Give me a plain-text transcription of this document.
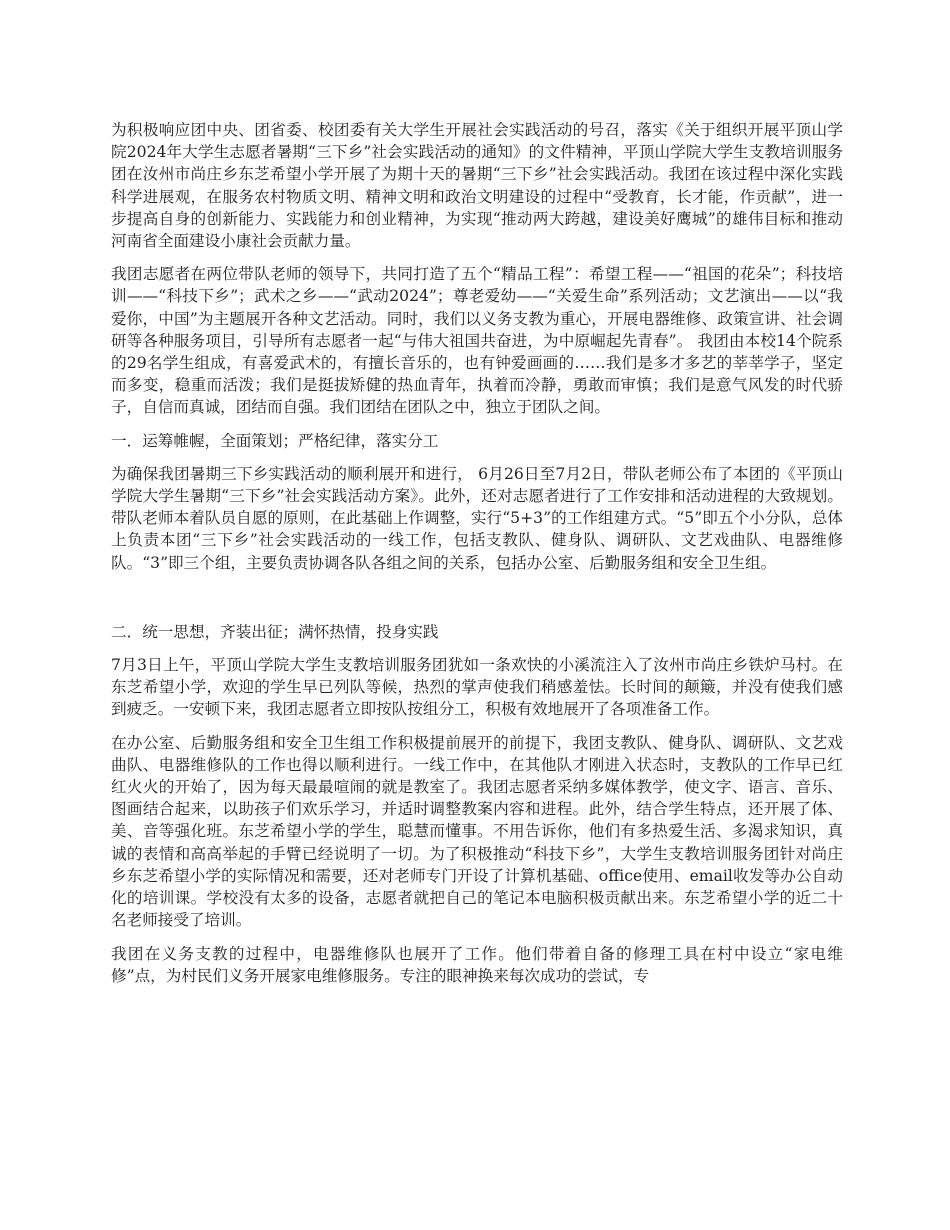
为积极响应团中央、团省委、校团委有关大学生开展社会实践活动的号召，落实《关于组织开展平顶山学院2024年大学生志愿者暑期“三下乡”社会实践活动的通知》的文件精神，平顶山学院大学生支教培训服务团在汝州市尚庄乡东芝希望小学开展了为期十天的暑期“三下乡”社会实践活动。我团在该过程中深化实践科学进展观，在服务农村物质文明、精神文明和政治文明建设的过程中“受教育，长才能，作贡献”，进一步提高自身的创新能力、实践能力和创业精神，为实现“推动两大跨越，建设美好鹰城”的雄伟目标和推动河南省全面建设小康社会贡献力量。

我团志愿者在两位带队老师的领导下，共同打造了五个“精品工程”：希望工程——“祖国的花朵”；科技培训——“科技下乡”；武术之乡——“武动2024”；尊老爱幼——“关爱生命”系列活动；文艺演出——以“我爱你，中国”为主题展开各种文艺活动。同时，我们以义务支教为重心，开展电器维修、政策宣讲、社会调研等各种服务项目，引导所有志愿者一起“与伟大祖国共奋进，为中原崛起先青春”。 我团由本校14个院系的29名学生组成，有喜爱武术的，有擅长音乐的，也有钟爱画画的……我们是多才多艺的莘莘学子，坚定而多变，稳重而活泼；我们是挺拔矫健的热血青年，执着而冷静，勇敢而审慎；我们是意气风发的时代骄子，自信而真诚，团结而自强。我们团结在团队之中，独立于团队之间。

一．运筹帷幄，全面策划；严格纪律，落实分工

为确保我团暑期三下乡实践活动的顺利展开和进行， 6月26日至7月2日，带队老师公布了本团的《平顶山学院大学生暑期“三下乡”社会实践活动方案》。此外，还对志愿者进行了工作安排和活动进程的大致规划。带队老师本着队员自愿的原则，在此基础上作调整，实行“5+3”的工作组建方式。“5”即五个小分队，总体上负责本团“三下乡”社会实践活动的一线工作，包括支教队、健身队、调研队、文艺戏曲队、电器维修队。“3”即三个组，主要负责协调各队各组之间的关系，包括办公室、后勤服务组和安全卫生组。

二．统一思想，齐装出征；满怀热情，投身实践

7月3日上午，平顶山学院大学生支教培训服务团犹如一条欢快的小溪流注入了汝州市尚庄乡铁炉马村。在东芝希望小学，欢迎的学生早已列队等候，热烈的掌声使我们稍感羞怯。长时间的颠簸，并没有使我们感到疲乏。一安顿下来，我团志愿者立即按队按组分工，积极有效地展开了各项准备工作。

在办公室、后勤服务组和安全卫生组工作积极提前展开的前提下，我团支教队、健身队、调研队、文艺戏曲队、电器维修队的工作也得以顺利进行。一线工作中，在其他队才刚进入状态时，支教队的工作早已红红火火的开始了，因为每天最最喧闹的就是教室了。我团志愿者采纳多媒体教学，使文字、语言、音乐、图画结合起来，以助孩子们欢乐学习，并适时调整教案内容和进程。此外，结合学生特点，还开展了体、美、音等强化班。东芝希望小学的学生，聪慧而懂事。不用告诉你，他们有多热爱生活、多渴求知识，真诚的表情和高高举起的手臂已经说明了一切。为了积极推动“科技下乡”，大学生支教培训服务团针对尚庄乡东芝希望小学的实际情况和需要，还对老师专门开设了计算机基础、office使用、email收发等办公自动化的培训课。学校没有太多的设备，志愿者就把自己的笔记本电脑积极贡献出来。东芝希望小学的近二十名老师接受了培训。

我团在义务支教的过程中，电器维修队也展开了工作。他们带着自备的修理工具在村中设立“家电维修”点，为村民们义务开展家电维修服务。专注的眼神换来每次成功的尝试，专
